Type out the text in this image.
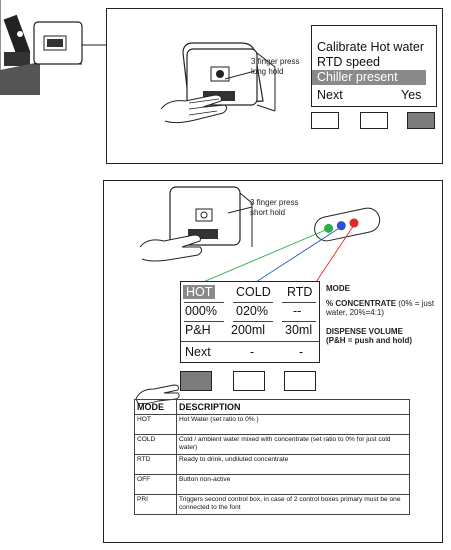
3 finger press
long hold
Calibrate Hot water
RTD speed
Chiller present
Next	Yes
3 finger press
short hold
HOT COLD RTD
000% 020% --
P&H 200ml 30ml
Next	-	-
MODE
% CONCENTRATE (0% = just water, 20%=4:1)
DISPENSE VOLUME
(P&H = push and hold)
MODE	DESCRIPTION
HOT	Hot Water (set ratio to 0% )
COLD	Cold / ambient water mixed with concentrate (set ratio to 0% for just cold water)
RTD	Ready to drink, undiluted concentrate
OFF	Button non-active
PRI	Triggers second control box, in case of 2 control boxes primary must be one connected to the font
